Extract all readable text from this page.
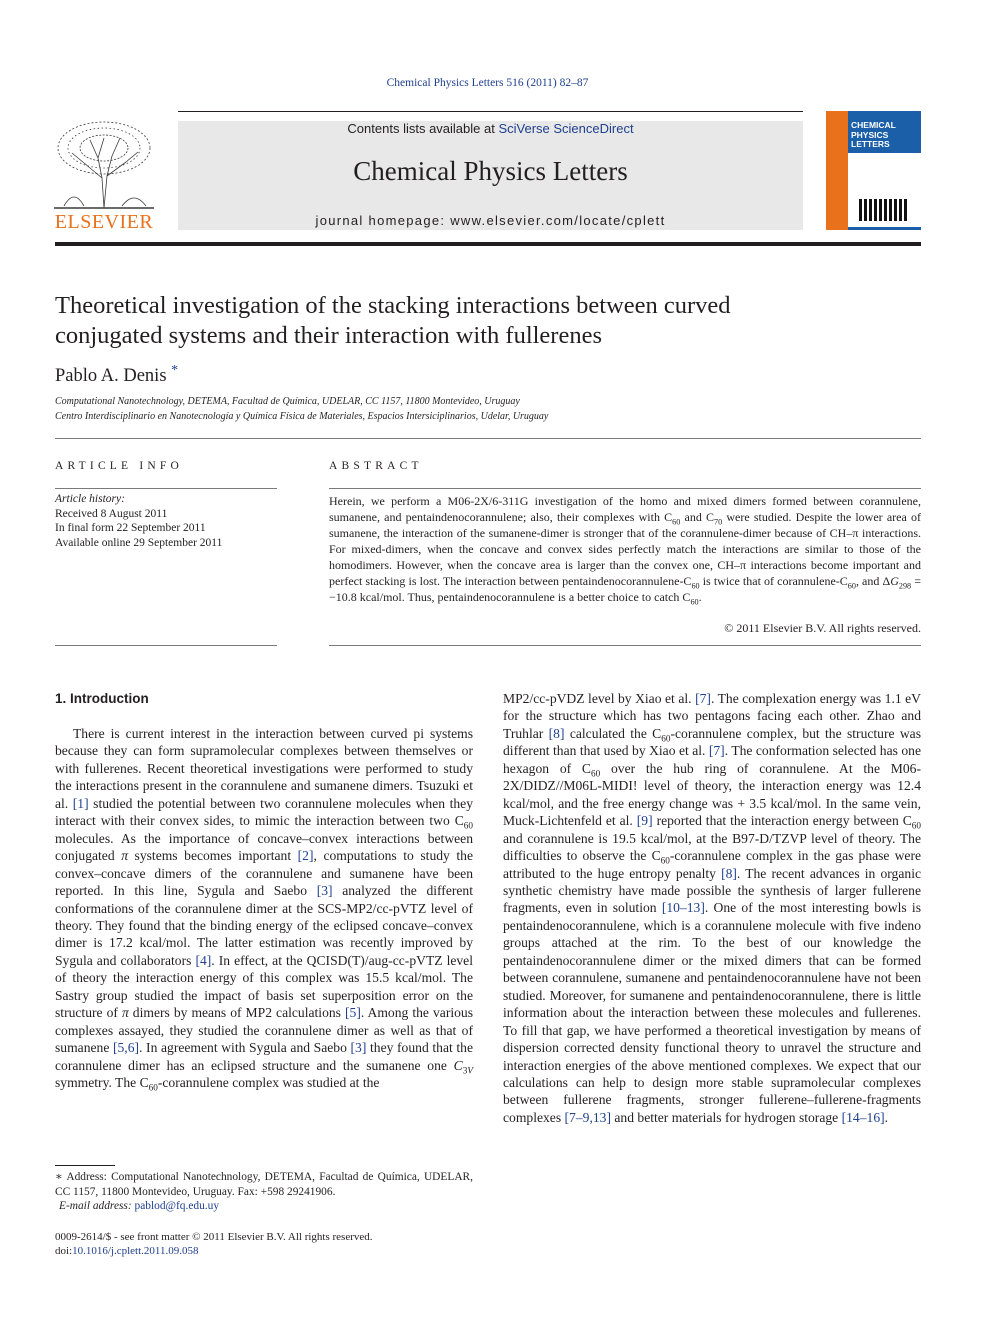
Chemical Physics Letters 516 (2011) 82–87
ELSEVIER
Contents lists available at SciVerse ScienceDirect
Chemical Physics Letters
journal homepage: www.elsevier.com/locate/cplett
CHEMICAL PHYSICS LETTERS
Theoretical investigation of the stacking interactions between curved
conjugated systems and their interaction with fullerenes
Pablo A. Denis *
Computational Nanotechnology, DETEMA, Facultad de Química, UDELAR, CC 1157, 11800 Montevideo, Uruguay
Centro Interdisciplinario en Nanotecnología y Química Física de Materiales, Espacios Intersiciplinarios, Udelar, Uruguay
ARTICLE INFO
Article history:
Received 8 August 2011
In final form 22 September 2011
Available online 29 September 2011
ABSTRACT
Herein, we perform a M06-2X/6-311G investigation of the homo and mixed dimers formed between corannulene, sumanene, and pentaindenocorannulene; also, their complexes with $C_{60}$ and $C_{70}$ were studied. Despite the lower area of sumanene, the interaction of the sumanene-dimer is stronger that of the corannulene-dimer because of CH–π interactions. For mixed-dimers, when the concave and convex sides perfectly match the interactions are similar to those of the homodimers. However, when the concave area is larger than the convex one, CH–π interactions become important and perfect stacking is lost. The interaction between pentaindenocorannulene-$C_{60}$ is twice that of corannulene-$C_{60}$, and $\Delta G_{298} = -10.8$ kcal/mol. Thus, pentaindenocorannulene is a better choice to catch $C_{60}$.
© 2011 Elsevier B.V. All rights reserved.
1. Introduction

There is current interest in the interaction between curved pi systems because they can form supramolecular complexes between themselves or with fullerenes. Recent theoretical investigations were performed to study the interactions present in the corannulene and sumanene dimers. Tsuzuki et al. [1] studied the potential between two corannulene molecules when they interact with their convex sides, to mimic the interaction between two $C_{60}$ molecules. As the importance of concave–convex interactions between conjugated π systems becomes important [2], computations to study the convex–concave dimers of the corannulene and sumanene have been reported. In this line, Sygula and Saebo [3] analyzed the different conformations of the corannulene dimer at the SCS-MP2/cc-pVTZ level of theory. They found that the binding energy of the eclipsed concave–convex dimer is 17.2 kcal/mol. The latter estimation was recently improved by Sygula and collaborators [4]. In effect, at the QCISD(T)/aug-cc-pVTZ level of theory the interaction energy of this complex was 15.5 kcal/mol. The Sastry group studied the impact of basis set superposition error on the structure of π dimers by means of MP2 calculations [5]. Among the various complexes assayed, they studied the corannulene dimer as well as that of sumanene [5,6]. In agreement with Sygula and Saebo [3] they found that the corannulene dimer has an eclipsed structure and the sumanene one $C_{3V}$ symmetry. The $C_{60}$-corannulene complex was studied at the

∗ Address: Computational Nanotechnology, DETEMA, Facultad de Química, UDELAR, CC 1157, 11800 Montevideo, Uruguay. Fax: +598 29241906.
E-mail address: pablod@fq.edu.uy
0009-2614/$ - see front matter © 2011 Elsevier B.V. All rights reserved.
doi:10.1016/j.cplett.2011.09.058

MP2/cc-pVDZ level by Xiao et al. [7]. The complexation energy was 1.1 eV for the structure which has two pentagons facing each other. Zhao and Truhlar [8] calculated the $C_{60}$-corannulene complex, but the structure was different than that used by Xiao et al. [7]. The conformation selected has one hexagon of $C_{60}$ over the hub ring of corannulene. At the M06-2X/DIDZ//M06L-MIDI! level of theory, the interaction energy was 12.4 kcal/mol, and the free energy change was + 3.5 kcal/mol. In the same vein, Muck-Lichtenfeld et al. [9] reported that the interaction energy between $C_{60}$ and corannulene is 19.5 kcal/mol, at the B97-D/TZVP level of theory. The difficulties to observe the $C_{60}$-corannulene complex in the gas phase were attributed to the huge entropy penalty [8]. The recent advances in organic synthetic chemistry have made possible the synthesis of larger fullerene fragments, even in solution [10–13]. One of the most interesting bowls is pentaindenocorannulene, which is a corannulene molecule with five indeno groups attached at the rim. To the best of our knowledge the pentaindenocorannulene dimer or the mixed dimers that can be formed between corannulene, sumanene and pentaindenocorannulene have not been studied. Moreover, for sumanene and pentaindenocorannulene, there is little information about the interaction between these molecules and fullerenes. To fill that gap, we have performed a theoretical investigation by means of dispersion corrected density functional theory to unravel the structure and interaction energies of the above mentioned complexes. We expect that our calculations can help to design more stable supramolecular complexes between fullerene fragments, stronger fullerene–fullerene-fragments complexes [7–9,13] and better materials for hydrogen storage [14–16].
